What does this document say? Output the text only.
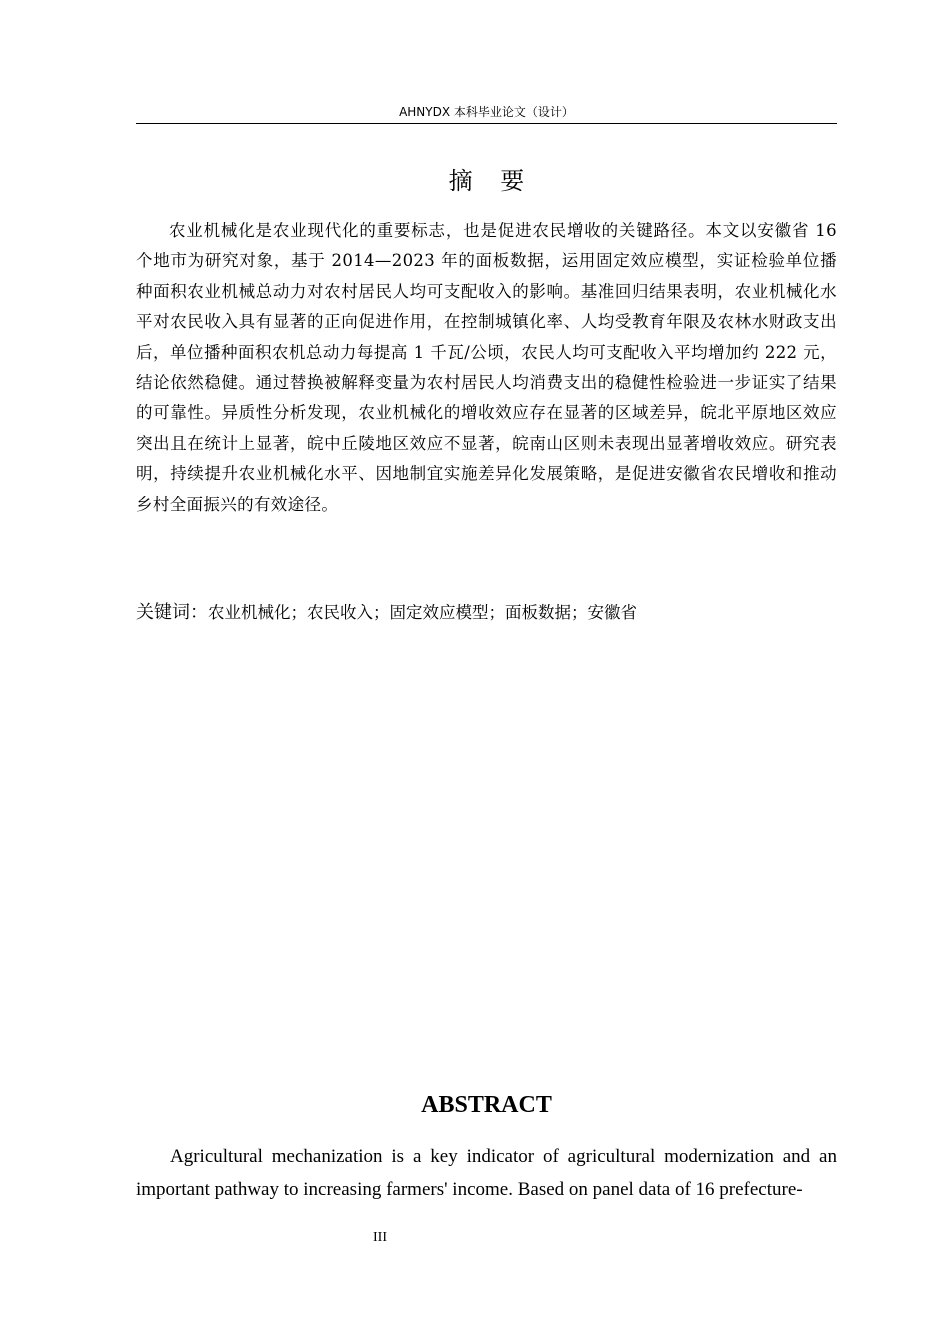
AHNYDX 本科毕业论文（设计）
摘 要

农业机械化是农业现代化的重要标志，也是促进农民增收的关键路径。本文以安徽省 16 个地市为研究对象，基于 2014—2023 年的面板数据，运用固定效应模型，实证检验单位播种面积农业机械总动力对农村居民人均可支配收入的影响。基准回归结果表明，农业机械化水平对农民收入具有显著的正向促进作用，在控制城镇化率、人均受教育年限及农林水财政支出后，单位播种面积农机总动力每提高 1 千瓦/公顷，农民人均可支配收入平均增加约 222 元，结论依然稳健。通过替换被解释变量为农村居民人均消费支出的稳健性检验进一步证实了结果的可靠性。异质性分析发现，农业机械化的增收效应存在显著的区域差异，皖北平原地区效应突出且在统计上显著，皖中丘陵地区效应不显著，皖南山区则未表现出显著增收效应。研究表明，持续提升农业机械化水平、因地制宜实施差异化发展策略，是促进安徽省农民增收和推动乡村全面振兴的有效途径。

关键词：农业机械化；农民收入；固定效应模型；面板数据；安徽省

ABSTRACT

Agricultural mechanization is a key indicator of agricultural modernization and an important pathway to increasing farmers' income. Based on panel data of 16 prefecture-

III
